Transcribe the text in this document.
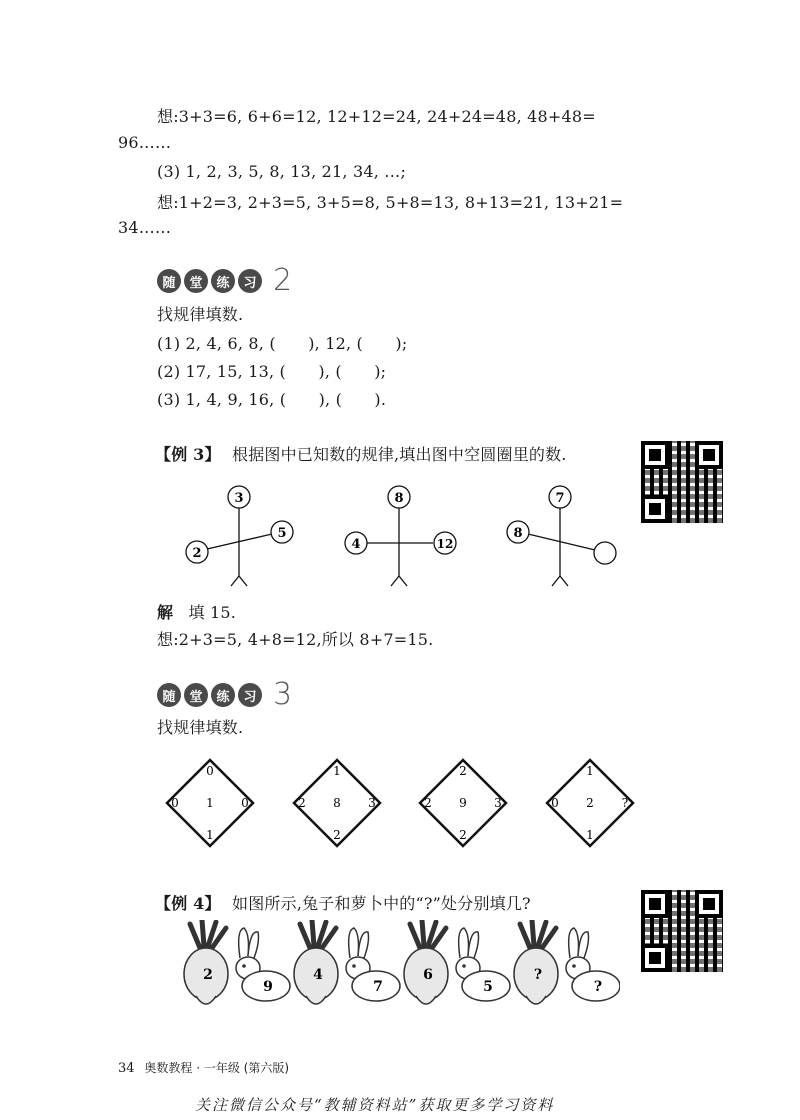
想:3+3=6, 6+6=12, 12+12=24, 24+24=48, 48+48=
96……
(3) 1, 2, 3, 5, 8, 13, 21, 34, …;
想:1+2=3, 2+3=5, 3+5=8, 5+8=13, 8+13=21, 13+21=
34……
随	堂	练	习 2
找规律填数.
(1) 2, 4, 6, 8, (　　), 12, (　　);
(2) 17, 15, 13, (　　), (　　);
(3) 1, 4, 9, 16, (　　), (　　).
【例 3】 根据图中已知数的规律,填出图中空圆圈里的数.
3
2
5
8
4	12
7
8
解 填 15.
想:2+3=5, 4+8=12,所以 8+7=15.
随	堂	练	习 3
找规律填数.
0
0 1 0
1
1
2 8 3
2
2
2 9 3
2
1
0 2 ?
1
【例 4】 如图所示,兔子和萝卜中的“?”处分别填几?
2
9
4
7
6
5
?
?
34 奥数教程 · 一年级 (第六版)
关注微信公众号“教辅资料站”获取更多学习资料
